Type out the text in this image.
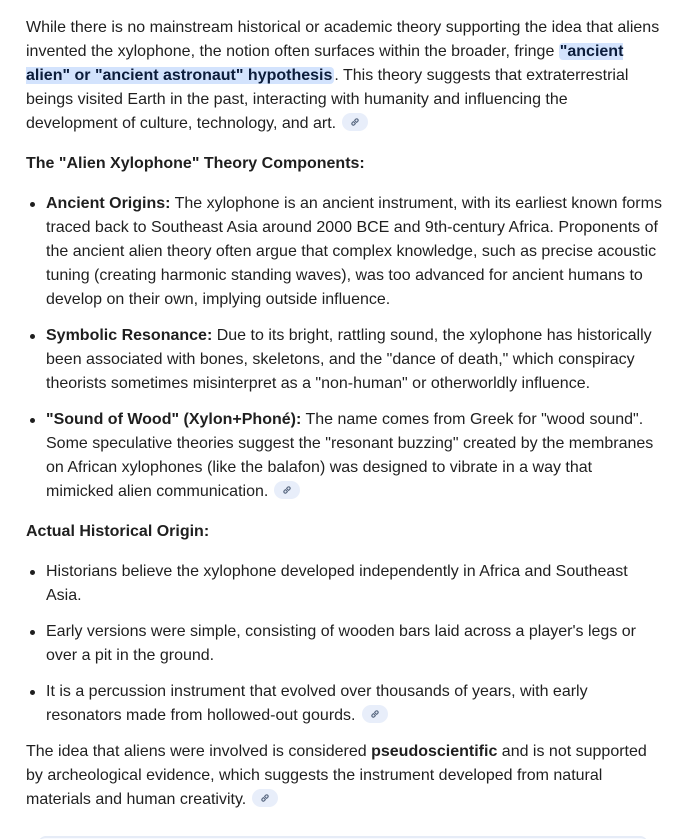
While there is no mainstream historical or academic theory supporting the idea that aliens invented the xylophone, the notion often surfaces within the broader, fringe "ancient alien" or "ancient astronaut" hypothesis . This theory suggests that extraterrestrial beings visited Earth in the past, interacting with humanity and influencing the development of culture, technology, and art.

The "Alien Xylophone" Theory Components:
Ancient Origins: The xylophone is an ancient instrument, with its earliest known forms traced back to Southeast Asia around 2000 BCE and 9th-century Africa. Proponents of the ancient alien theory often argue that complex knowledge, such as precise acoustic tuning (creating harmonic standing waves), was too advanced for ancient humans to develop on their own, implying outside influence.
Symbolic Resonance: Due to its bright, rattling sound, the xylophone has historically been associated with bones, skeletons, and the "dance of death," which conspiracy theorists sometimes misinterpret as a "non-human" or otherworldly influence.
"Sound of Wood" (Xylon+Phoné): The name comes from Greek for "wood sound". Some speculative theories suggest the "resonant buzzing" created by the membranes on African xylophones (like the balafon) was designed to vibrate in a way that mimicked alien communication.
Actual Historical Origin:
Historians believe the xylophone developed independently in Africa and Southeast Asia.
Early versions were simple, consisting of wooden bars laid across a player's legs or over a pit in the ground.
It is a percussion instrument that evolved over thousands of years, with early resonators made from hollowed-out gourds.

The idea that aliens were involved is considered pseudoscientific and is not supported by archeological evidence, which suggests the instrument developed from natural materials and human creativity.
